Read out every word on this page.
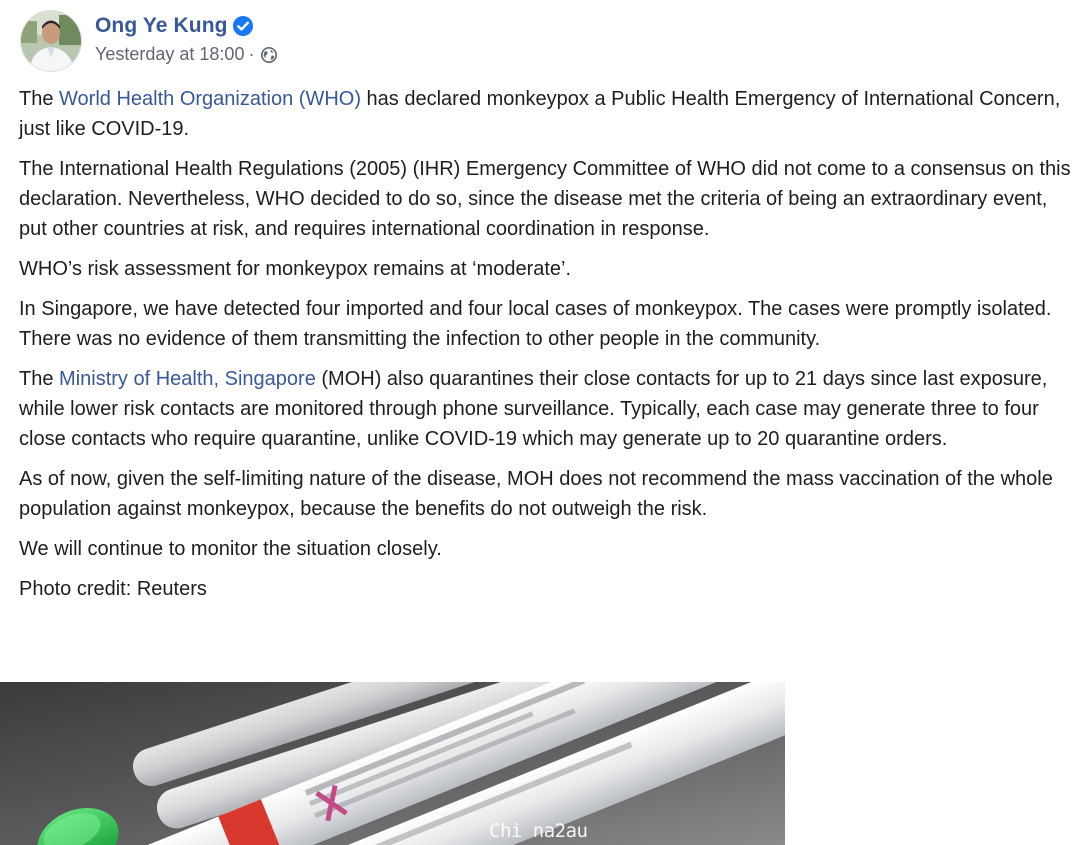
Ong Ye Kung
Yesterday at 18:00 ·

The World Health Organization (WHO) has declared monkeypox a Public Health Emergency of International Concern, just like COVID-19.

The International Health Regulations (2005) (IHR) Emergency Committee of WHO did not come to a consensus on this declaration. Nevertheless, WHO decided to do so, since the disease met the criteria of being an extraordinary event, put other countries at risk, and requires international coordination in response.

WHO’s risk assessment for monkeypox remains at ‘moderate’.

In Singapore, we have detected four imported and four local cases of monkeypox. The cases were promptly isolated. There was no evidence of them transmitting the infection to other people in the community.

The Ministry of Health, Singapore (MOH) also quarantines their close contacts for up to 21 days since last exposure, while lower risk contacts are monitored through phone surveillance. Typically, each case may generate three to four close contacts who require quarantine, unlike COVID-19 which may generate up to 20 quarantine orders.

As of now, given the self-limiting nature of the disease, MOH does not recommend the mass vaccination of the whole population against monkeypox, because the benefits do not outweigh the risk.

We will continue to monitor the situation closely.

Photo credit: Reuters

Chi na2au
